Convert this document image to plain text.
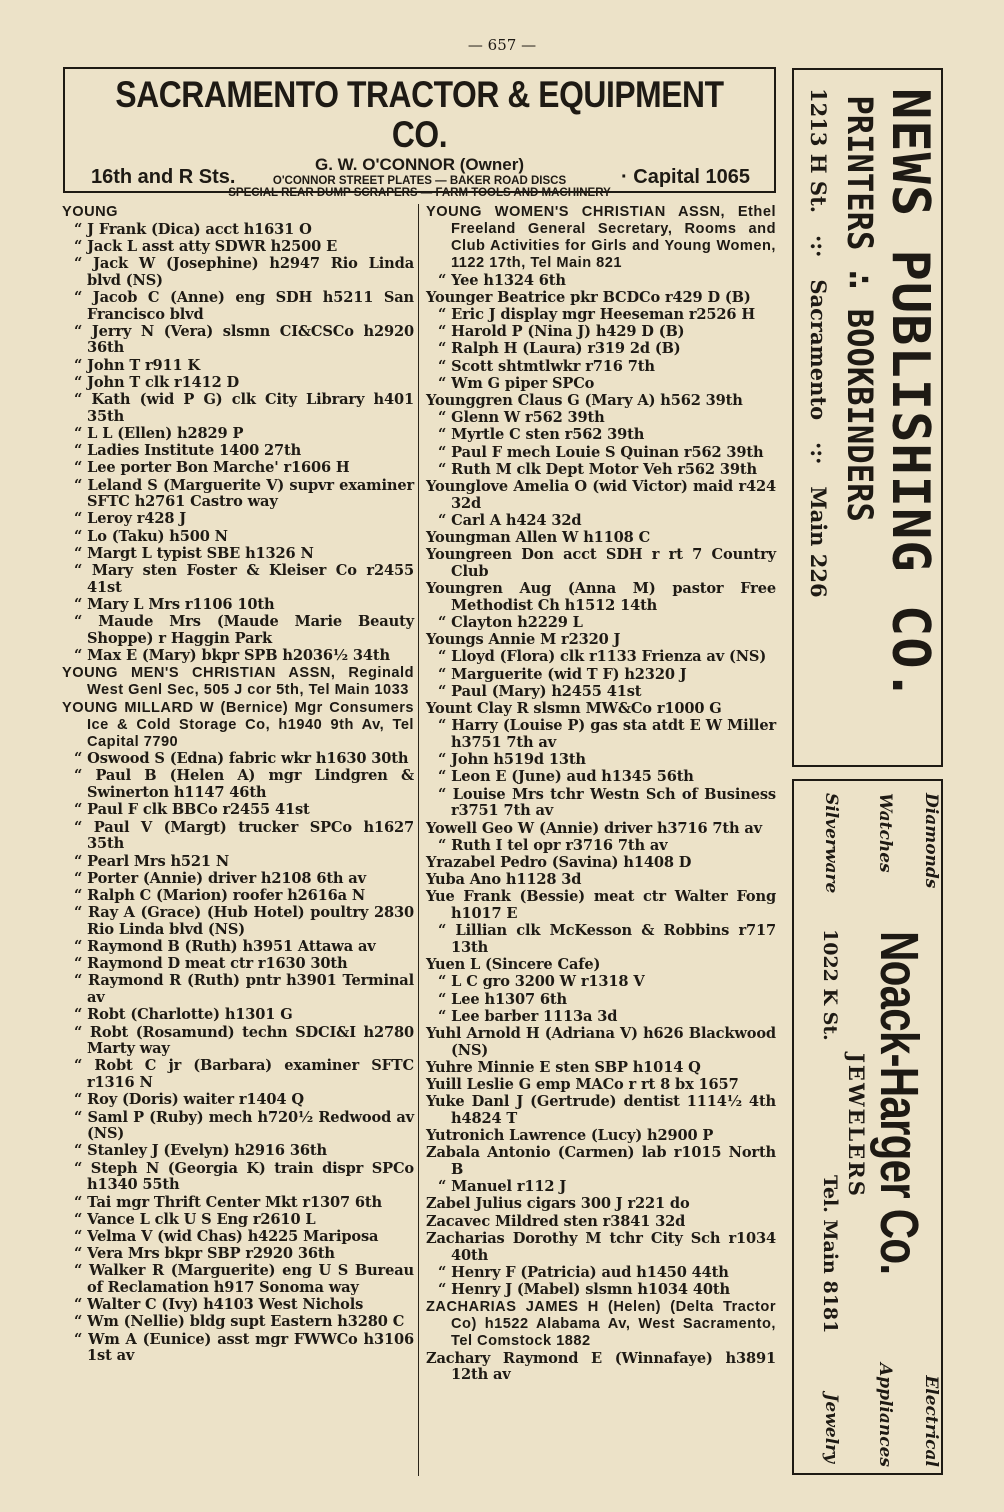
— 657 —
SACRAMENTO TRACTOR & EQUIPMENT CO.
G. W. O'CONNOR (Owner)
O'CONNOR STREET PLATES — BAKER ROAD DISCS
SPECIAL REAR DUMP SCRAPERS — FARM TOOLS AND MACHINERY
16th and R Sts.	· Capital 1065
YOUNG
“ J Frank (Dica) acct h1631 O
“ Jack L asst atty SDWR h2500 E
“ Jack W (Josephine) h2947 Rio Linda blvd (NS)
“ Jacob C (Anne) eng SDH h5211 San Francisco blvd
“ Jerry N (Vera) slsmn CI&CSCo h2920 36th
“ John T r911 K
“ John T clk r1412 D
“ Kath (wid P G) clk City Library h401 35th
“ L L (Ellen) h2829 P
“ Ladies Institute 1400 27th
“ Lee porter Bon Marche' r1606 H
“ Leland S (Marguerite V) supvr examiner SFTC h2761 Castro way
“ Leroy r428 J
“ Lo (Taku) h500 N
“ Margt L typist SBE h1326 N
“ Mary sten Foster & Kleiser Co r2455 41st
“ Mary L Mrs r1106 10th
“ Maude Mrs (Maude Marie Beauty Shoppe) r Haggin Park
“ Max E (Mary) bkpr SPB h2036½ 34th
YOUNG MEN'S CHRISTIAN ASSN, Reginald West Genl Sec, 505 J cor 5th, Tel Main 1033
YOUNG MILLARD W (Bernice) Mgr Consumers Ice & Cold Storage Co, h1940 9th Av, Tel Capital 7790
“ Oswood S (Edna) fabric wkr h1630 30th
“ Paul B (Helen A) mgr Lindgren & Swinerton h1147 46th
“ Paul F clk BBCo r2455 41st
“ Paul V (Margt) trucker SPCo h1627 35th
“ Pearl Mrs h521 N
“ Porter (Annie) driver h2108 6th av
“ Ralph C (Marion) roofer h2616a N
“ Ray A (Grace) (Hub Hotel) poultry 2830 Rio Linda blvd (NS)
“ Raymond B (Ruth) h3951 Attawa av
“ Raymond D meat ctr r1630 30th
“ Raymond R (Ruth) pntr h3901 Terminal av
“ Robt (Charlotte) h1301 G
“ Robt (Rosamund) techn SDCI&I h2780 Marty way
“ Robt C jr (Barbara) examiner SFTC r1316 N
“ Roy (Doris) waiter r1404 Q
“ Saml P (Ruby) mech h720½ Redwood av (NS)
“ Stanley J (Evelyn) h2916 36th
“ Steph N (Georgia K) train dispr SPCo h1340 55th
“ Tai mgr Thrift Center Mkt r1307 6th
“ Vance L clk U S Eng r2610 L
“ Velma V (wid Chas) h4225 Mariposa
“ Vera Mrs bkpr SBP r2920 36th
“ Walker R (Marguerite) eng U S Bureau of Reclamation h917 Sonoma way
“ Walter C (Ivy) h4103 West Nichols
“ Wm (Nellie) bldg supt Eastern h3280 C
“ Wm A (Eunice) asst mgr FWWCo h3106 1st av
YOUNG WOMEN'S CHRISTIAN ASSN, Ethel Freeland General Secretary, Rooms and Club Activities for Girls and Young Women, 1122 17th, Tel Main 821
“ Yee h1324 6th
Younger Beatrice pkr BCDCo r429 D (B)
“ Eric J display mgr Heeseman r2526 H
“ Harold P (Nina J) h429 D (B)
“ Ralph H (Laura) r319 2d (B)
“ Scott shtmtlwkr r716 7th
“ Wm G piper SPCo
Younggren Claus G (Mary A) h562 39th
“ Glenn W r562 39th
“ Myrtle C sten r562 39th
“ Paul F mech Louie S Quinan r562 39th
“ Ruth M clk Dept Motor Veh r562 39th
Younglove Amelia O (wid Victor) maid r424 32d
“ Carl A h424 32d
Youngman Allen W h1108 C
Youngreen Don acct SDH r rt 7 Country Club
Youngren Aug (Anna M) pastor Free Methodist Ch h1512 14th
“ Clayton h2229 L
Youngs Annie M r2320 J
“ Lloyd (Flora) clk r1133 Frienza av (NS)
“ Marguerite (wid T F) h2320 J
“ Paul (Mary) h2455 41st
Yount Clay R slsmn MW&Co r1000 G
“ Harry (Louise P) gas sta atdt E W Miller h3751 7th av
“ John h519d 13th
“ Leon E (June) aud h1345 56th
“ Louise Mrs tchr Westn Sch of Business r3751 7th av
Yowell Geo W (Annie) driver h3716 7th av
“ Ruth I tel opr r3716 7th av
Yrazabel Pedro (Savina) h1408 D
Yuba Ano h1128 3d
Yue Frank (Bessie) meat ctr Walter Fong h1017 E
“ Lillian clk McKesson & Robbins r717 13th
Yuen L (Sincere Cafe)
“ L C gro 3200 W r1318 V
“ Lee h1307 6th
“ Lee barber 1113a 3d
Yuhl Arnold H (Adriana V) h626 Blackwood (NS)
Yuhre Minnie E sten SBP h1014 Q
Yuill Leslie G emp MACo r rt 8 bx 1657
Yuke Danl J (Gertrude) dentist 1114½ 4th h4824 T
Yutronich Lawrence (Lucy) h2900 P
Zabala Antonio (Carmen) lab r1015 North B
“ Manuel r112 J
Zabel Julius cigars 300 J r221 do
Zacavec Mildred sten r3841 32d
Zacharias Dorothy M tchr City Sch r1034 40th
“ Henry F (Patricia) aud h1450 44th
“ Henry J (Mabel) slsmn h1034 40th
ZACHARIAS JAMES H (Helen) (Delta Tractor Co) h1522 Alabama Av, West Sacramento, Tel Comstock 1882
Zachary Raymond E (Winnafaye) h3891 12th av
NEWS PUBLISHING CO.
PRINTERS ∴ BOOKBINDERS
1213 H St.   ·:·   Sacramento   ·:·   Main 226
Diamonds
Electrical
Watches
Appliances
Noack-Harger Co.
JEWELERS
Silverware
1022 K St.
Tel. Main 8181
Jewelry
